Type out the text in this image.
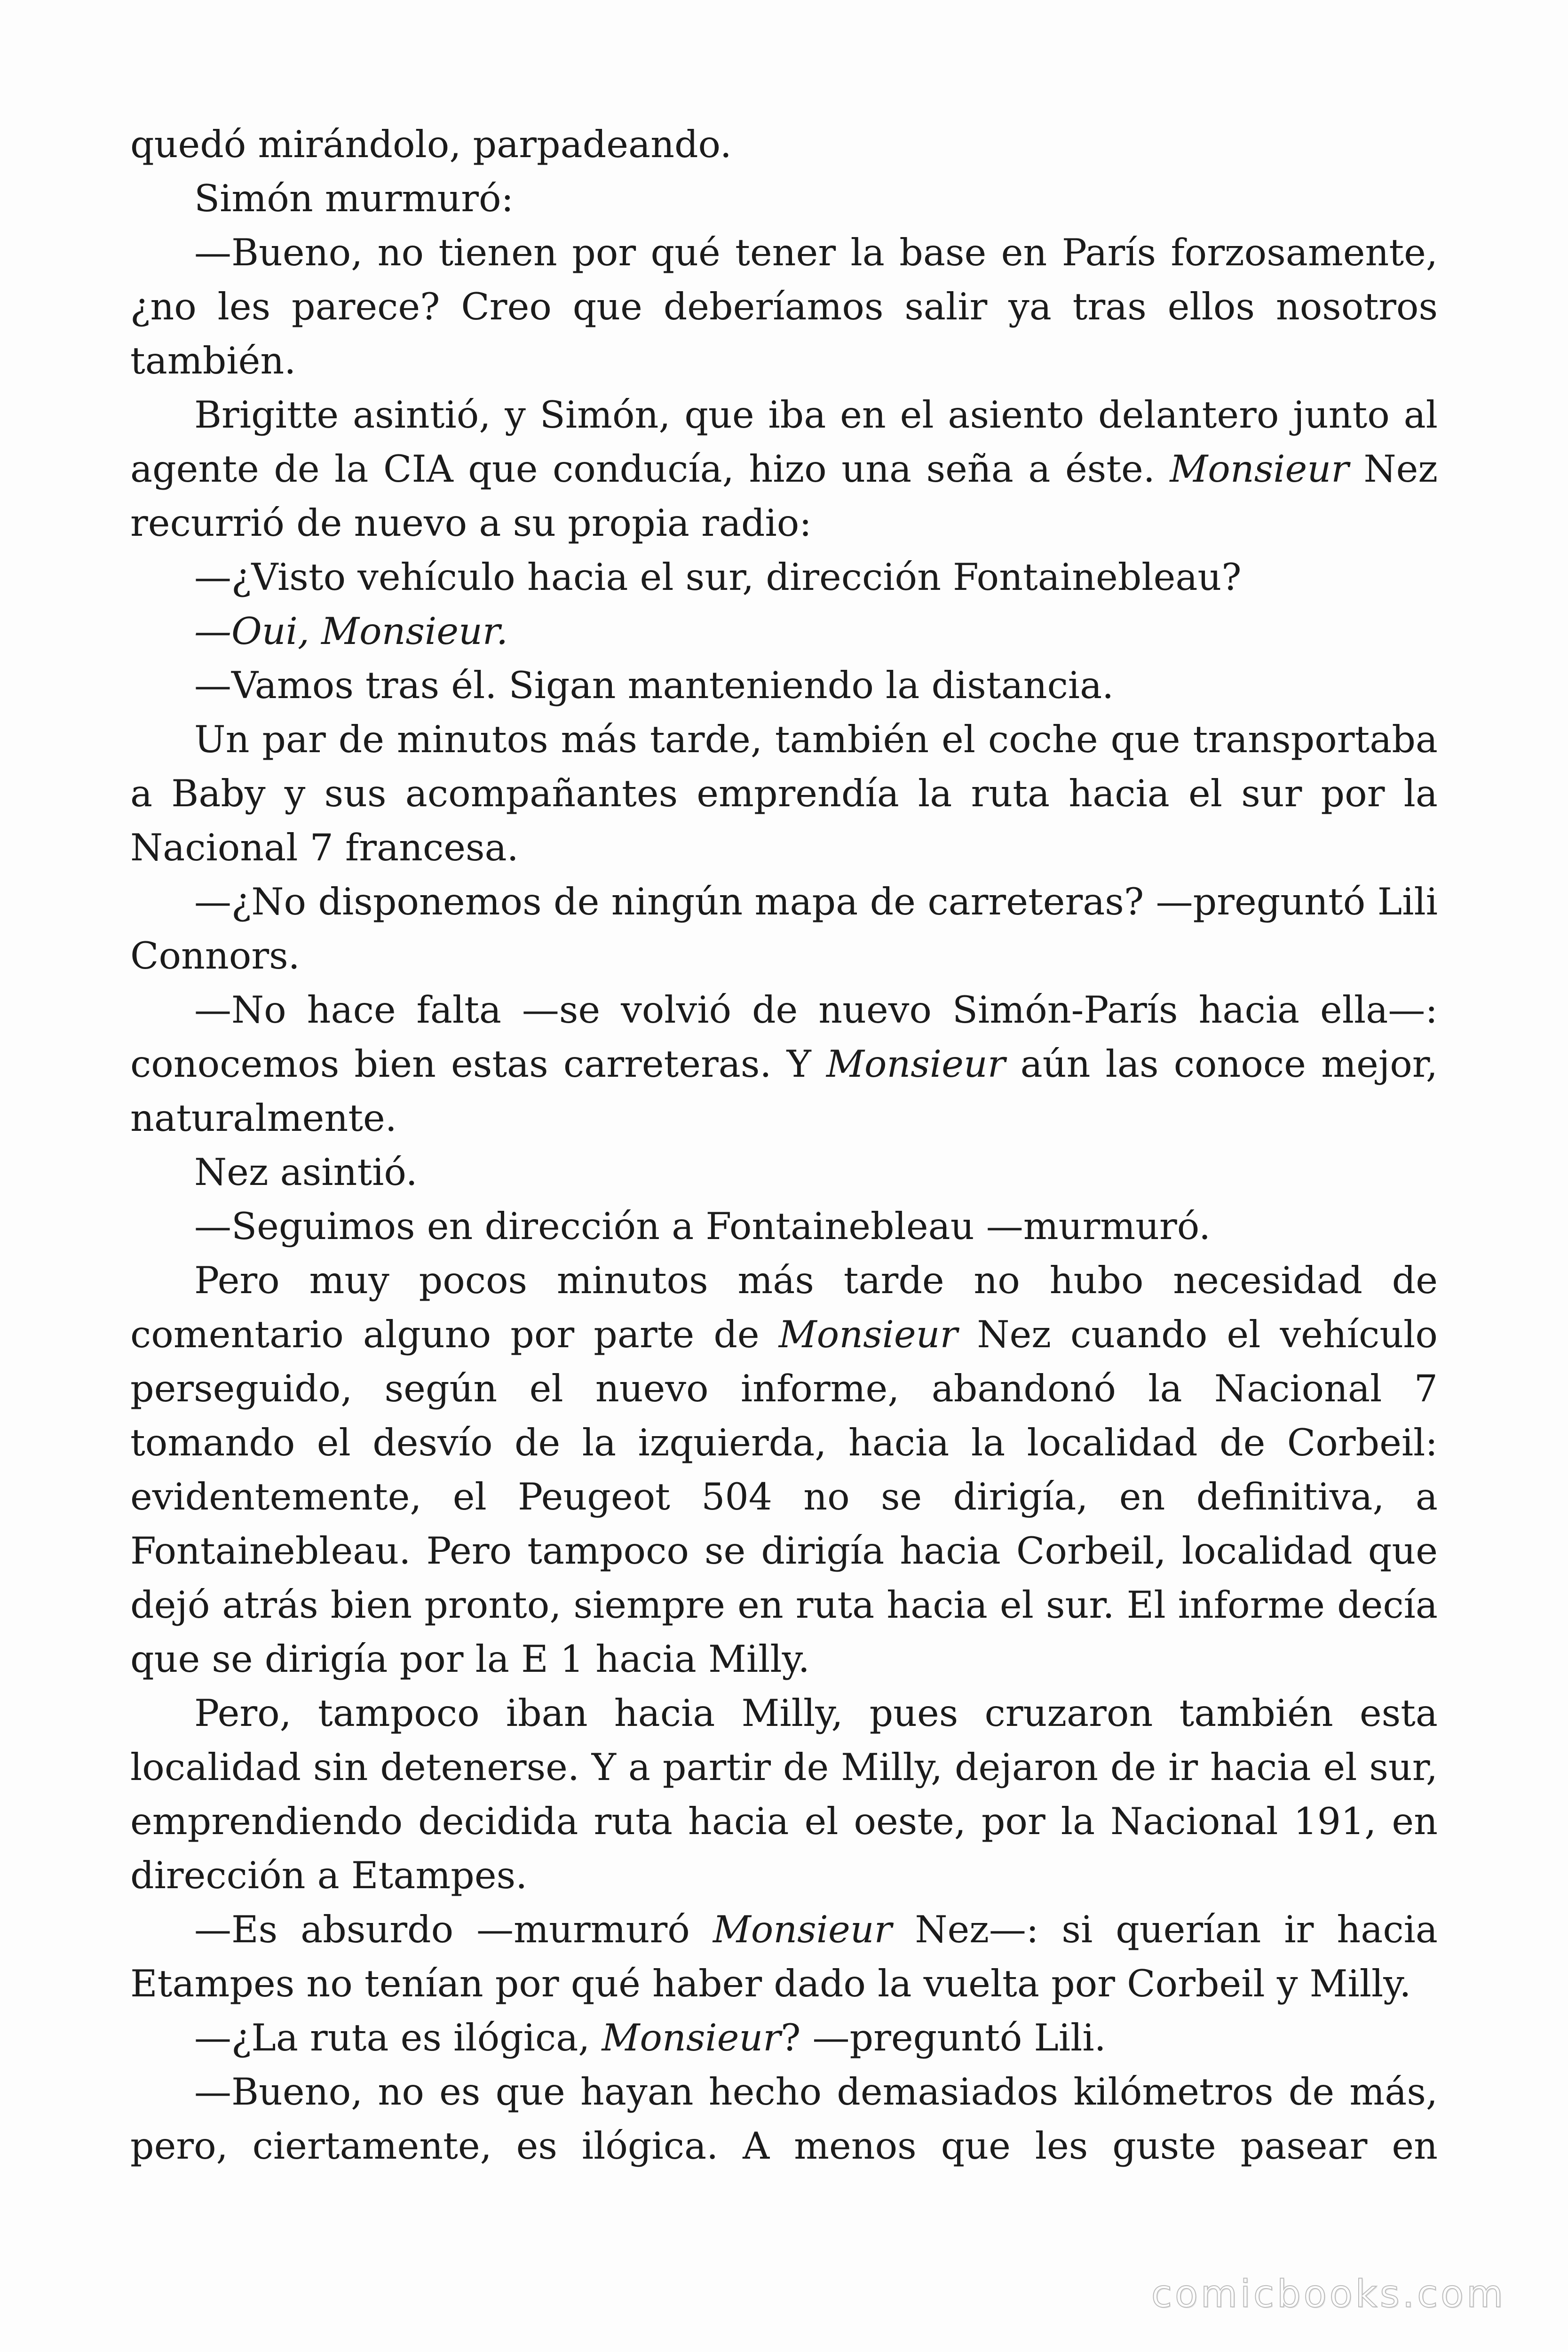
quedó mirándolo, parpadeando.

Simón murmuró:

—Bueno, no tienen por qué tener la base en París forzosamente, ¿no les parece? Creo que deberíamos salir ya tras ellos nosotros también.

Brigitte asintió, y Simón, que iba en el asiento delantero junto al agente de la CIA que conducía, hizo una seña a éste. Monsieur Nez recurrió de nuevo a su propia radio:

—¿Visto vehículo hacia el sur, dirección Fontainebleau?

—Oui, Monsieur.

—Vamos tras él. Sigan manteniendo la distancia.

Un par de minutos más tarde, también el coche que transportaba a Baby y sus acompañantes emprendía la ruta hacia el sur por la Nacional 7 francesa.

—¿No disponemos de ningún mapa de carreteras? —preguntó Lili Connors.

—No hace falta —se volvió de nuevo Simón-París hacia ella—: conocemos bien estas carreteras. Y Monsieur aún las conoce mejor, naturalmente.

Nez asintió.

—Seguimos en dirección a Fontainebleau —murmuró.

Pero muy pocos minutos más tarde no hubo necesidad de comentario alguno por parte de Monsieur Nez cuando el vehículo perseguido, según el nuevo informe, abandonó la Nacional 7 tomando el desvío de la izquierda, hacia la localidad de Corbeil: evidentemente, el Peugeot 504 no se dirigía, en definitiva, a Fontainebleau. Pero tampoco se dirigía hacia Corbeil, localidad que dejó atrás bien pronto, siempre en ruta hacia el sur. El informe decía que se dirigía por la E 1 hacia Milly.

Pero, tampoco iban hacia Milly, pues cruzaron también esta localidad sin detenerse. Y a partir de Milly, dejaron de ir hacia el sur, emprendiendo decidida ruta hacia el oeste, por la Nacional 191, en dirección a Etampes.

—Es absurdo —murmuró Monsieur Nez—: si querían ir hacia Etampes no tenían por qué haber dado la vuelta por Corbeil y Milly.

—¿La ruta es ilógica, Monsieur? —preguntó Lili.

—Bueno, no es que hayan hecho demasiados kilómetros de más, pero, ciertamente, es ilógica. A menos que les guste pasear en

comicbooks.com
